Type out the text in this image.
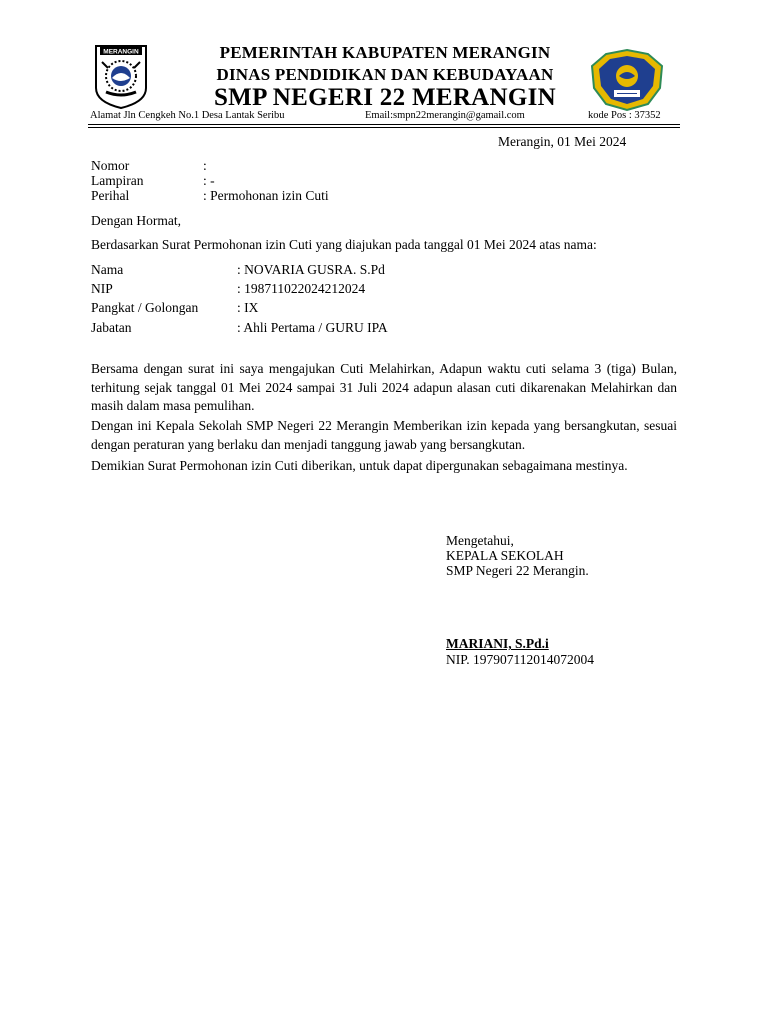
MERANGIN	PEMERINTAH KABUPATEN MERANGIN
DINAS PENDIDIKAN DAN KEBUDAYAAN
SMP NEGERI 22 MERANGIN
Alamat Jln Cengkeh No.1 Desa Lantak Seribu	Email:smpn22merangin@gamail.com	kode Pos : 37352
Merangin, 01 Mei 2024
Nomor	:
Lampiran	: -
Perihal	: Permohonan izin Cuti
Dengan Hormat,
Berdasarkan Surat Permohonan izin Cuti yang diajukan pada tanggal 01 Mei 2024 atas nama:
Nama	: NOVARIA GUSRA. S.Pd
NIP	: 198711022024212024
Pangkat / Golongan	: IX
Jabatan	: Ahli Pertama / GURU IPA
Bersama dengan surat ini saya mengajukan Cuti Melahirkan, Adapun waktu cuti selama 3 (tiga) Bulan, terhitung sejak tanggal 01 Mei 2024 sampai 31 Juli 2024 adapun alasan cuti dikarenakan Melahirkan dan masih dalam masa pemulihan.
Dengan ini Kepala Sekolah SMP Negeri 22 Merangin Memberikan izin kepada yang bersangkutan, sesuai dengan peraturan yang berlaku dan menjadi tanggung jawab yang bersangkutan.
Demikian Surat Permohonan izin Cuti diberikan, untuk dapat dipergunakan sebagaimana mestinya.
Mengetahui,
KEPALA SEKOLAH
SMP Negeri 22 Merangin.
MARIANI, S.Pd.i
NIP. 197907112014072004
